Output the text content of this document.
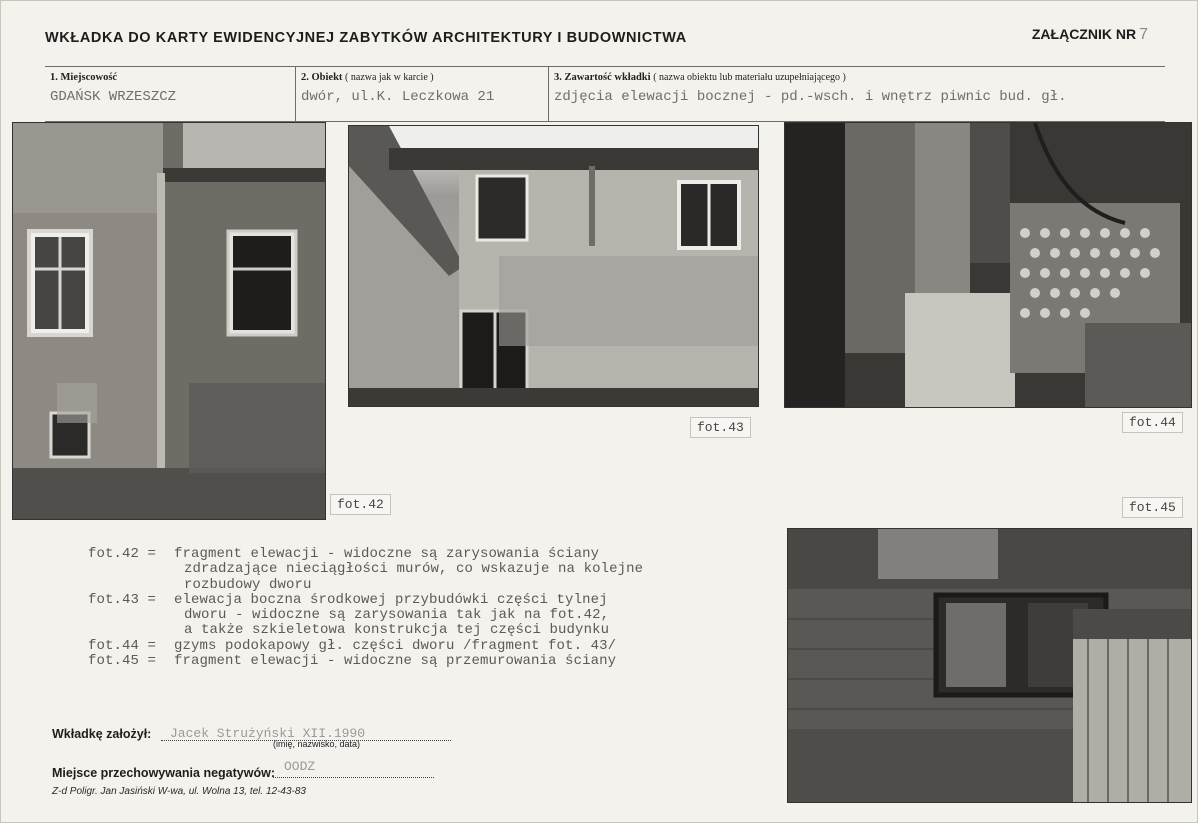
WKŁADKA DO KARTY EWIDENCYJNEJ ZABYTKÓW ARCHITEKTURY I BUDOWNICTWA	ZAŁĄCZNIK NR 7
1. Miejscowość
GDAŃSK WRZESZCZ
2. Obiekt ( nazwa jak w karcie )
dwór, ul.K. Leczkowa 21
3. Zawartość wkładki ( nazwa obiektu lub materiału uzupełniającego )
zdjęcia elewacji bocznej - pd.-wsch. i wnętrz piwnic bud. gł.
fot.42
fot.43	fot.44
fot.45
fot.42 =	fragment elewacji - widoczne są zarysowania ściany
zdradzające nieciągłości murów, co wskazuje na kolejne
rozbudowy dworu
fot.43 =	elewacja boczna środkowej przybudówki części tylnej
dworu - widoczne są zarysowania tak jak na fot.42,
a także szkieletowa konstrukcja tej części budynku
fot.44 =	gzyms podokapowy gł. części dworu /fragment fot. 43/
fot.45 =	fragment elewacji - widoczne są przemurowania ściany
Wkładkę założył: Jacek Strużyński XII.1990
(imię, nazwisko, data)
Miejsce przechowywania negatywów: OODZ
Z-d Poligr. Jan Jasiński W-wa, ul. Wolna 13, tel. 12-43-83
